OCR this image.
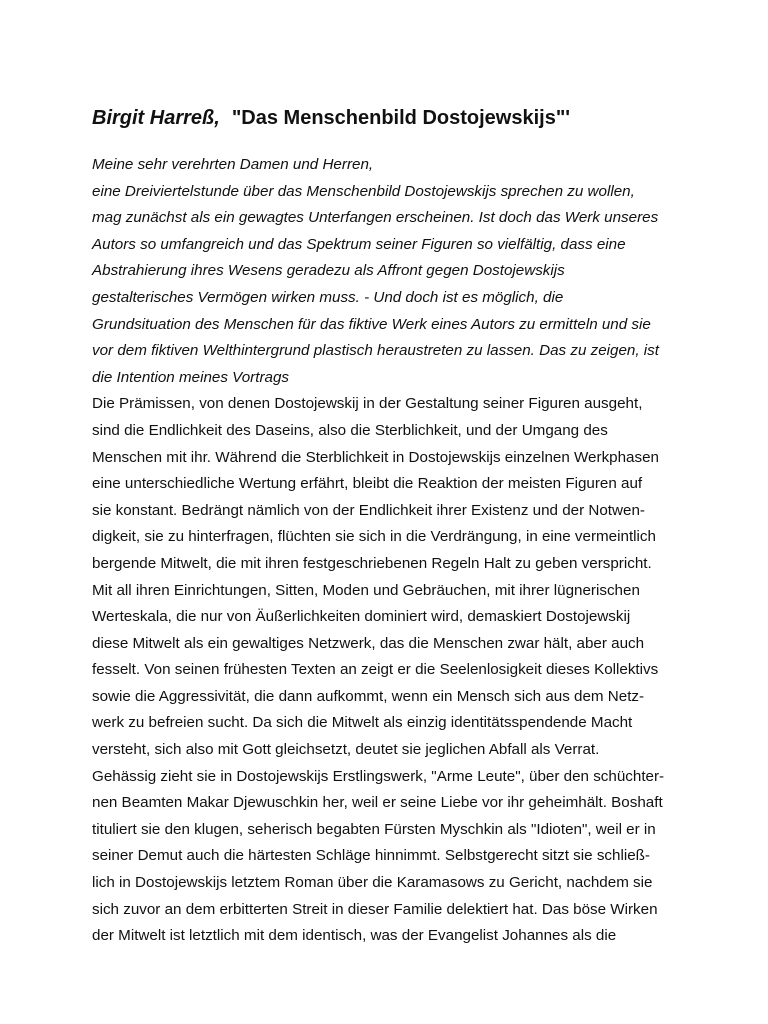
Birgit Harreß, "Das Menschenbild Dostojewskijs"'
Meine sehr verehrten Damen und Herren,
eine Dreiviertelstunde über das Menschenbild Dostojewskijs sprechen zu wollen,
mag zunächst als ein gewagtes Unterfangen erscheinen. Ist doch das Werk unseres
Autors so umfangreich und das Spektrum seiner Figuren so vielfältig, dass eine
Abstrahierung ihres Wesens geradezu als Affront gegen Dostojewskijs
gestalterisches Vermögen wirken muss. - Und doch ist es möglich, die
Grundsituation des Menschen für das fiktive Werk eines Autors zu ermitteln und sie
vor dem fiktiven Welthintergrund plastisch heraustreten zu lassen. Das zu zeigen, ist
die Intention meines Vortrags
Die Prämissen, von denen Dostojewskij in der Gestaltung seiner Figuren ausgeht,
sind die Endlichkeit des Daseins, also die Sterblichkeit, und der Umgang des
Menschen mit ihr. Während die Sterblichkeit in Dostojewskijs einzelnen Werkphasen
eine unterschiedliche Wertung erfährt, bleibt die Reaktion der meisten Figuren auf
sie konstant. Bedrängt nämlich von der Endlichkeit ihrer Existenz und der Notwen-
digkeit, sie zu hinterfragen, flüchten sie sich in die Verdrängung, in eine vermeintlich
bergende Mitwelt, die mit ihren festgeschriebenen Regeln Halt zu geben verspricht.
Mit all ihren Einrichtungen, Sitten, Moden und Gebräuchen, mit ihrer lügnerischen
Werteskala, die nur von Äußerlichkeiten dominiert wird, demaskiert Dostojewskij
diese Mitwelt als ein gewaltiges Netzwerk, das die Menschen zwar hält, aber auch
fesselt. Von seinen frühesten Texten an zeigt er die Seelenlosigkeit dieses Kollektivs
sowie die Aggressivität, die dann aufkommt, wenn ein Mensch sich aus dem Netz-
werk zu befreien sucht. Da sich die Mitwelt als einzig identitätsspendende Macht
versteht, sich also mit Gott gleichsetzt, deutet sie jeglichen Abfall als Verrat.
Gehässig zieht sie in Dostojewskijs Erstlingswerk, "Arme Leute", über den schüchter-
nen Beamten Makar Djewuschkin her, weil er seine Liebe vor ihr geheimhält. Boshaft
tituliert sie den klugen, seherisch begabten Fürsten Myschkin als "Idioten", weil er in
seiner Demut auch die härtesten Schläge hinnimmt. Selbstgerecht sitzt sie schließ-
lich in Dostojewskijs letztem Roman über die Karamasows zu Gericht, nachdem sie
sich zuvor an dem erbitterten Streit in dieser Familie delektiert hat. Das böse Wirken
der Mitwelt ist letztlich mit dem identisch, was der Evangelist Johannes als die
